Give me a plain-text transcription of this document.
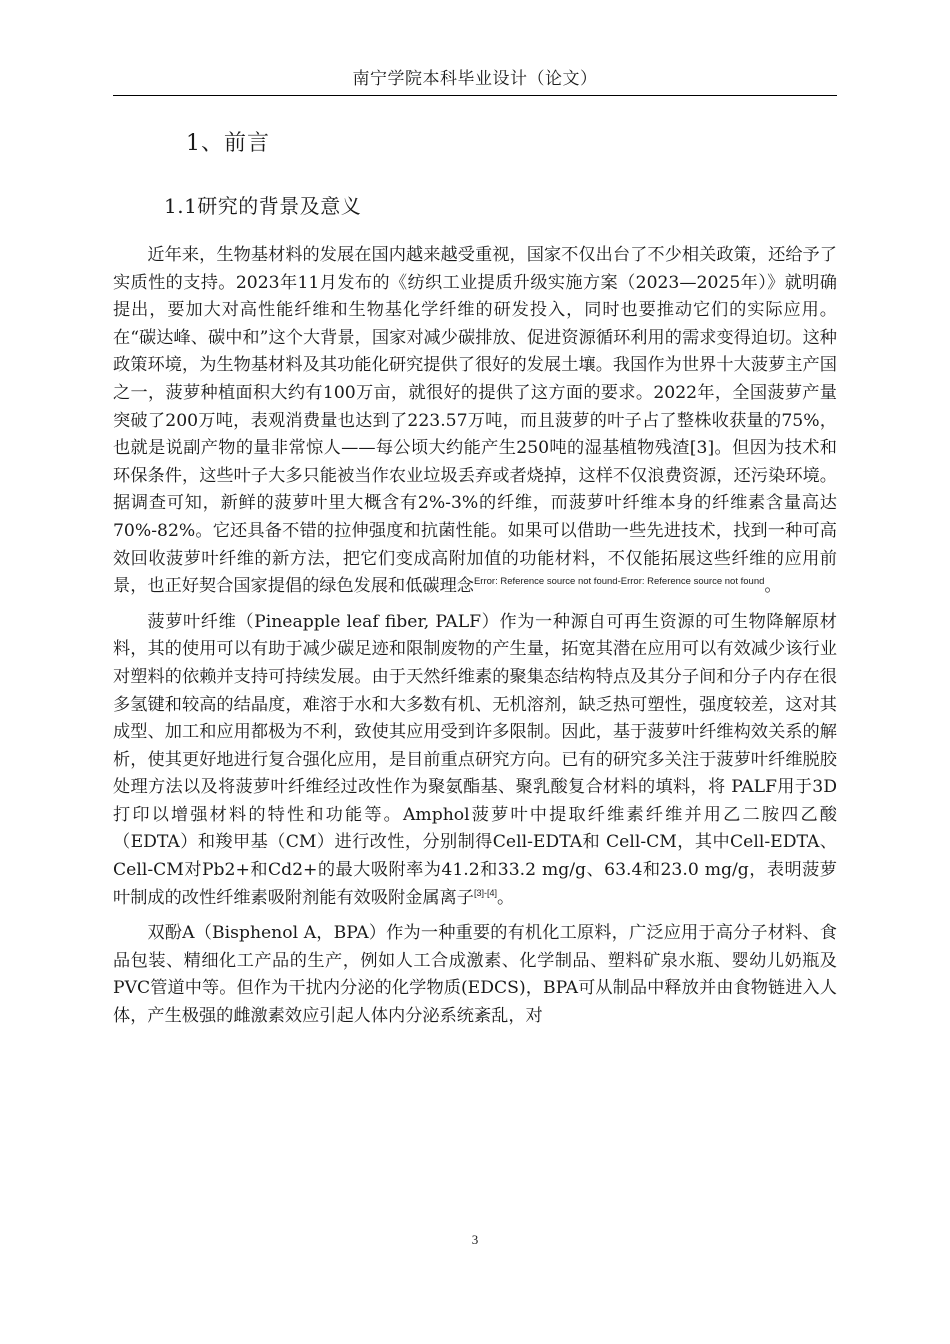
南宁学院本科毕业设计（论文）
1、前言
1.1研究的背景及意义

近年来，生物基材料的发展在国内越来越受重视，国家不仅出台了不少相关政策，还给予了实质性的支持。2023年11月发布的《纺织工业提质升级实施方案（2023—2025年）》就明确提出，要加大对高性能纤维和生物基化学纤维的研发投入，同时也要推动它们的实际应用。在“碳达峰、碳中和”这个大背景，国家对减少碳排放、促进资源循环利用的需求变得迫切。这种政策环境，为生物基材料及其功能化研究提供了很好的发展土壤。我国作为世界十大菠萝主产国之一，菠萝种植面积大约有100万亩，就很好的提供了这方面的要求。2022年，全国菠萝产量突破了200万吨，表观消费量也达到了223.57万吨，而且菠萝的叶子占了整株收获量的75%，也就是说副产物的量非常惊人——每公顷大约能产生250吨的湿基植物残渣[3]。但因为技术和环保条件，这些叶子大多只能被当作农业垃圾丢弃或者烧掉，这样不仅浪费资源，还污染环境。据调查可知，新鲜的菠萝叶里大概含有2%-3%的纤维，而菠萝叶纤维本身的纤维素含量高达70%-82%。它还具备不错的拉伸强度和抗菌性能。如果可以借助一些先进技术，找到一种可高效回收菠萝叶纤维的新方法，把它们变成高附加值的功能材料，不仅能拓展这些纤维的应用前景，也正好契合国家提倡的绿色发展和低碳理念$^{Error: Reference source not found-Error: Reference source not found}$。

菠萝叶纤维（Pineapple leaf fiber, PALF）作为一种源自可再生资源的可生物降解原材料，其的使用可以有助于减少碳足迹和限制废物的产生量，拓宽其潜在应用可以有效减少该行业对塑料的依赖并支持可持续发展。由于天然纤维素的聚集态结构特点及其分子间和分子内存在很多氢键和较高的结晶度，难溶于水和大多数有机、无机溶剂，缺乏热可塑性，强度较差，这对其成型、加工和应用都极为不利，致使其应用受到许多限制。因此，基于菠萝叶纤维构效关系的解析，使其更好地进行复合强化应用，是目前重点研究方向。已有的研究多关注于菠萝叶纤维脱胶处理方法以及将菠萝叶纤维经过改性作为聚氨酯基、聚乳酸复合材料的填料，将 PALF用于3D打印以增强材料的特性和功能等。Amphol菠萝叶中提取纤维素纤维并用乙二胺四乙酸（EDTA）和羧甲基（CM）进行改性，分别制得Cell-EDTA和 Cell-CM，其中Cell-EDTA、Cell-CM对Pb2+和Cd2+的最大吸附率为41.2和33.2 mg/g、63.4和23.0 mg/g，表明菠萝叶制成的改性纤维素吸附剂能有效吸附金属离子[3]-[4]。

双酚A（Bisphenol A，BPA）作为一种重要的有机化工原料，广泛应用于高分子材料、食品包装、精细化工产品的生产，例如人工合成激素、化学制品、塑料矿泉水瓶、婴幼儿奶瓶及PVC管道中等。但作为干扰内分泌的化学物质(EDCS)，BPA可从制品中释放并由食物链进入人体，产生极强的雌激素效应引起人体内分泌系统紊乱，对

3
